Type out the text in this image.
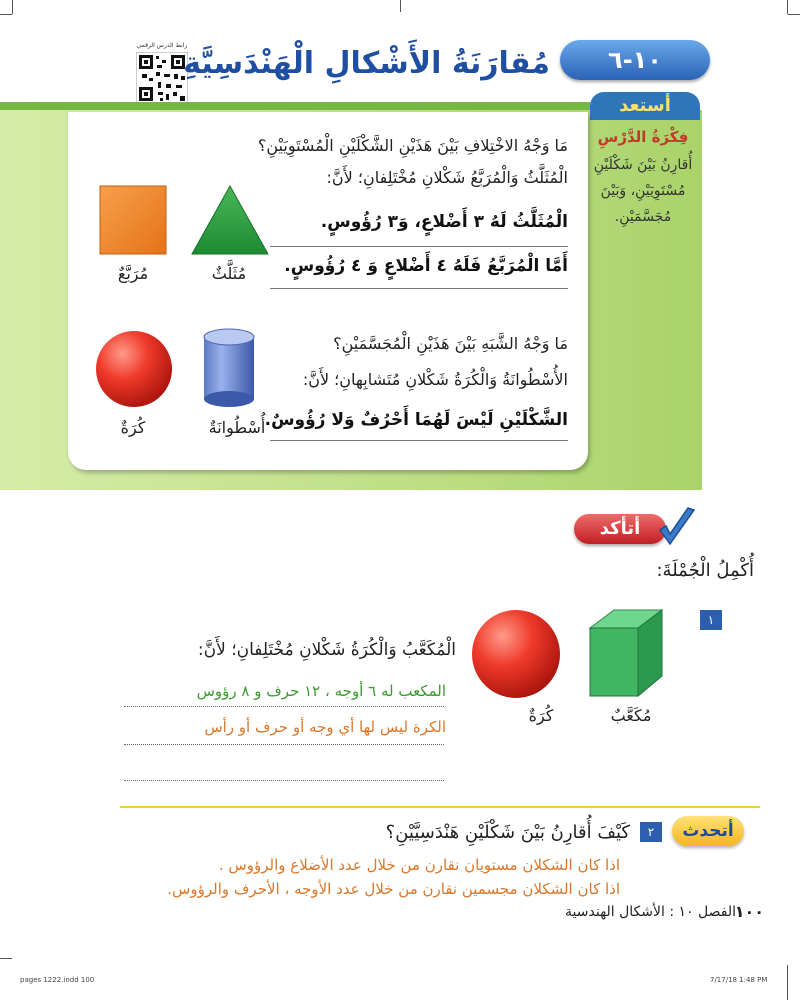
رابط الدرس الرقمي
مُقارَنَةُ الأَشْكالِ الْهَنْدَسِيَّةِ ١٠-٦
أستعد
فِكْرَةُ الدَّرْسِ
أُقارِنُ بَيْنَ شَكْلَيْنِ مُسْتَوِيَيْنِ، وَبَيْنَ مُجَسَّمَيْنِ.
مَا وَجْهُ الاخْتِلافِ بَيْنَ هَذَيْنِ الشَّكْلَيْنِ الْمُسْتَوِيَيْنِ؟
الْمُثَلَّثُ وَالْمُرَبَّعُ شَكْلانِ مُخْتَلِفانِ؛ لأَنَّ:
الْمُثَلَّثُ لَهُ ٣ أَضْلاعٍ، وَ٣ رُؤُوسٍ.
أَمَّا الْمُرَبَّعُ فَلَهُ ٤ أَضْلاعٍ وَ ٤ رُؤُوسٍ.
مُرَبَّعٌ	مُثَلَّثٌ
مَا وَجْهُ الشَّبَهِ بَيْنَ هَذَيْنِ الْمُجَسَّمَيْنِ؟
الأُسْطُوانَةُ وَالْكُرَةُ شَكْلانِ مُتَشابِهانِ؛ لأَنَّ:
الشَّكْلَيْنِ لَيْسَ لَهُمَا أَحْرُفٌ وَلا رُؤُوسٌ.
كُرَةٌ	أُسْطُوانَةٌ
أتأكد
أُكْمِلُ الْجُمْلَةَ:
١
كُرَةٌ	مُكَعَّبٌ
الْمُكَعَّبُ وَالْكُرَةُ شَكْلانِ مُخْتَلِفانِ؛ لأَنَّ:
المكعب له ٦ أوجه ، ١٢ حرف و ٨ رؤوس
الكرة ليس لها أي وجه أو حرف أو رأس
أتحدث
٢
كَيْفَ أُقارِنُ بَيْنَ شَكْلَيْنِ هَنْدَسِيَّيْنِ؟
اذا كان الشكلان مستويان نقارن من خلال عدد الأضلاع والرؤوس .
اذا كان الشكلان مجسمين نقارن من خلال عدد الأوجه ، الأحرف والرؤوس.
١٠٠
الفصل ١٠ : الأشكال الهندسية
pages 1222.indd 100	7/17/18 1:48 PM
